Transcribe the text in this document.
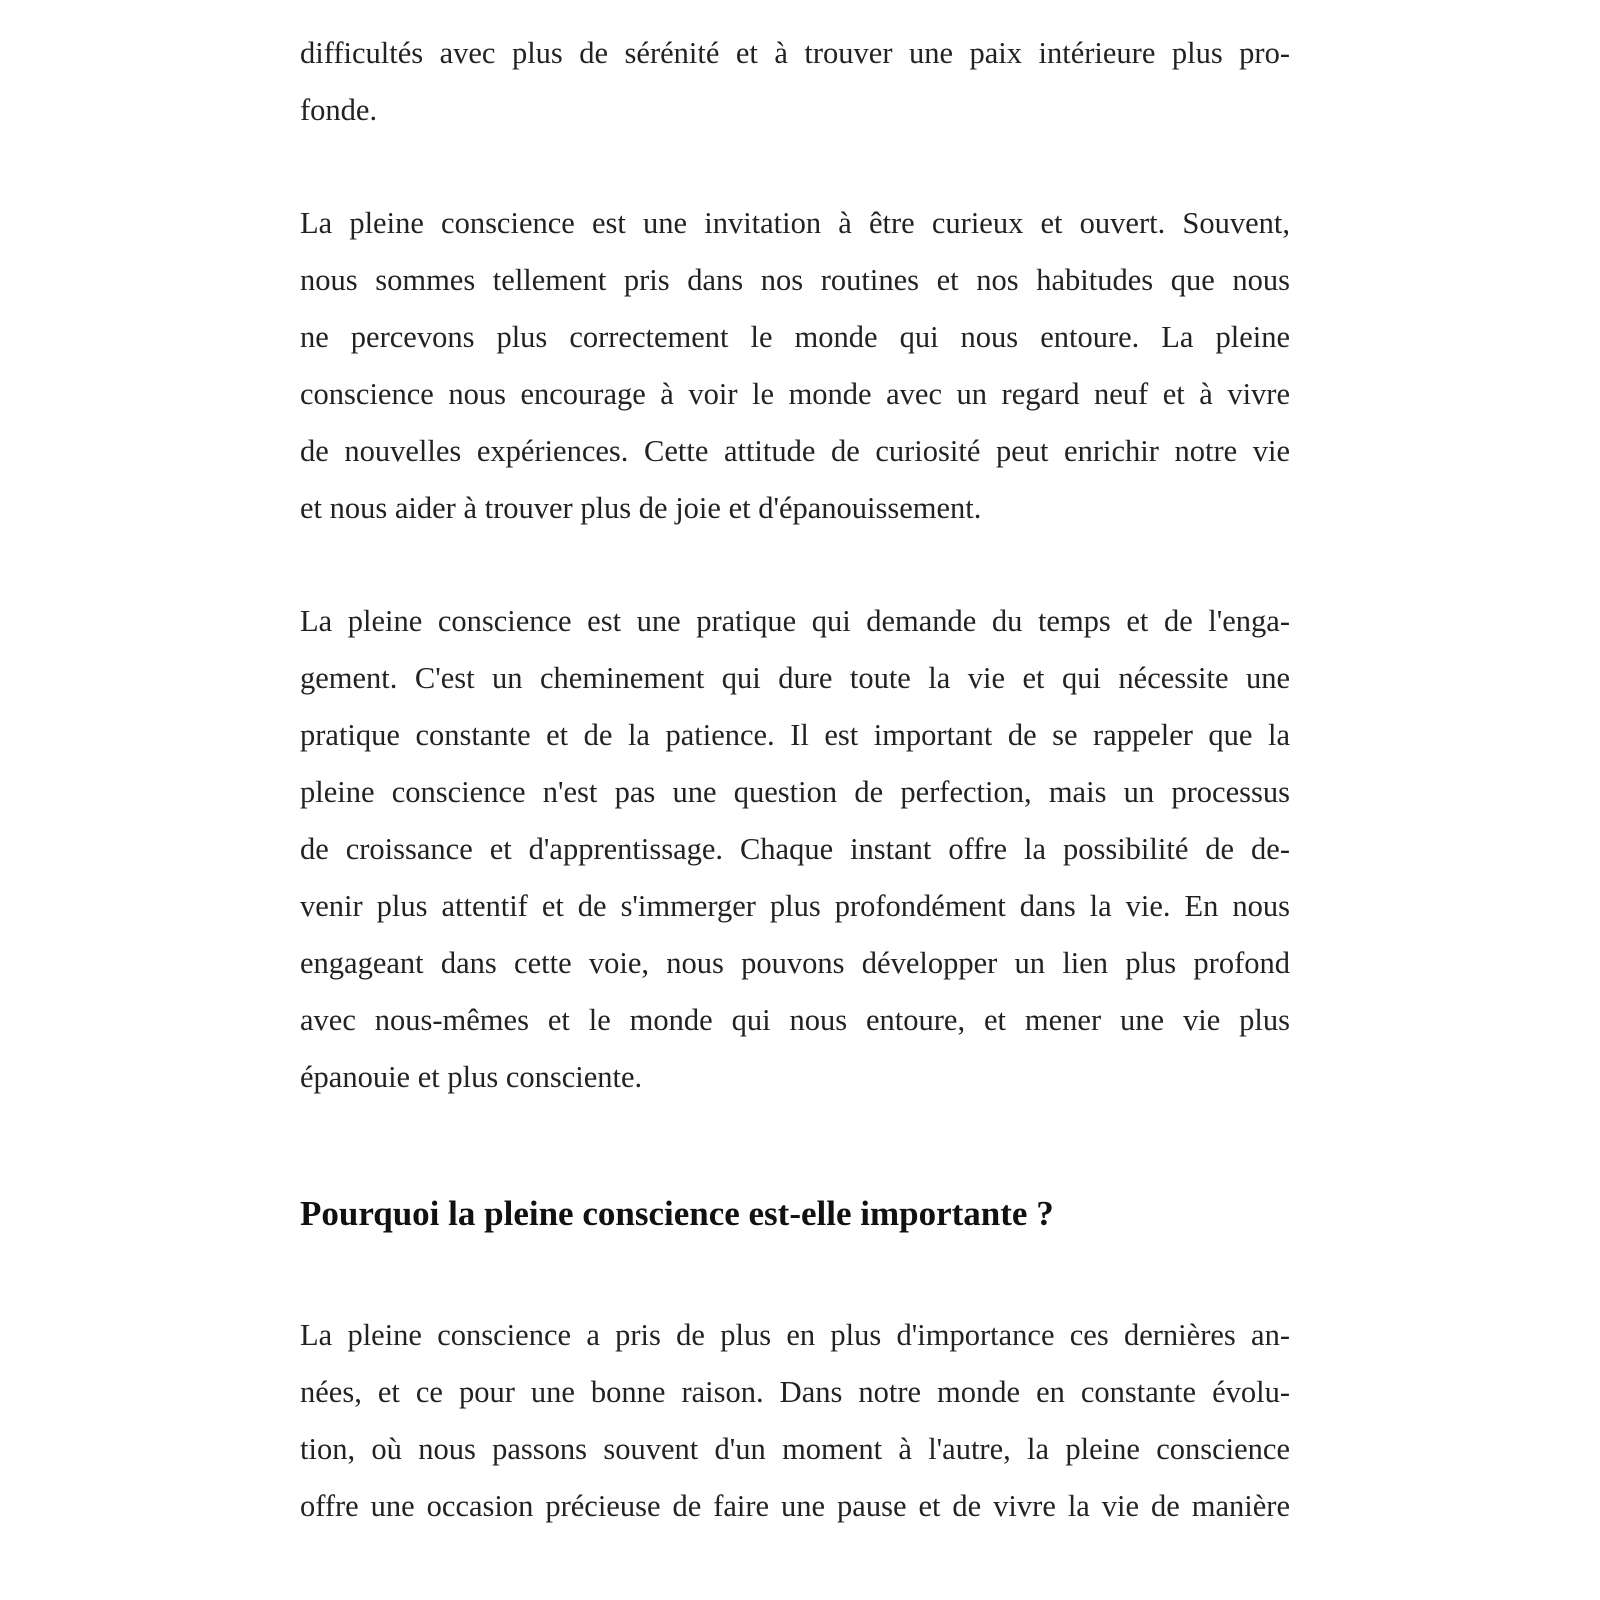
difficultés avec plus de sérénité et à trouver une paix intérieure plus pro-
fonde.
La pleine conscience est une invitation à être curieux et ouvert. Souvent,
nous sommes tellement pris dans nos routines et nos habitudes que nous
ne percevons plus correctement le monde qui nous entoure. La pleine
conscience nous encourage à voir le monde avec un regard neuf et à vivre
de nouvelles expériences. Cette attitude de curiosité peut enrichir notre vie
et nous aider à trouver plus de joie et d'épanouissement.
La pleine conscience est une pratique qui demande du temps et de l'enga-
gement. C'est un cheminement qui dure toute la vie et qui nécessite une
pratique constante et de la patience. Il est important de se rappeler que la
pleine conscience n'est pas une question de perfection, mais un processus
de croissance et d'apprentissage. Chaque instant offre la possibilité de de-
venir plus attentif et de s'immerger plus profondément dans la vie. En nous
engageant dans cette voie, nous pouvons développer un lien plus profond
avec nous-mêmes et le monde qui nous entoure, et mener une vie plus
épanouie et plus consciente.
Pourquoi la pleine conscience est-elle importante ?
La pleine conscience a pris de plus en plus d'importance ces dernières an-
nées, et ce pour une bonne raison. Dans notre monde en constante évolu-
tion, où nous passons souvent d'un moment à l'autre, la pleine conscience
offre une occasion précieuse de faire une pause et de vivre la vie de manière
